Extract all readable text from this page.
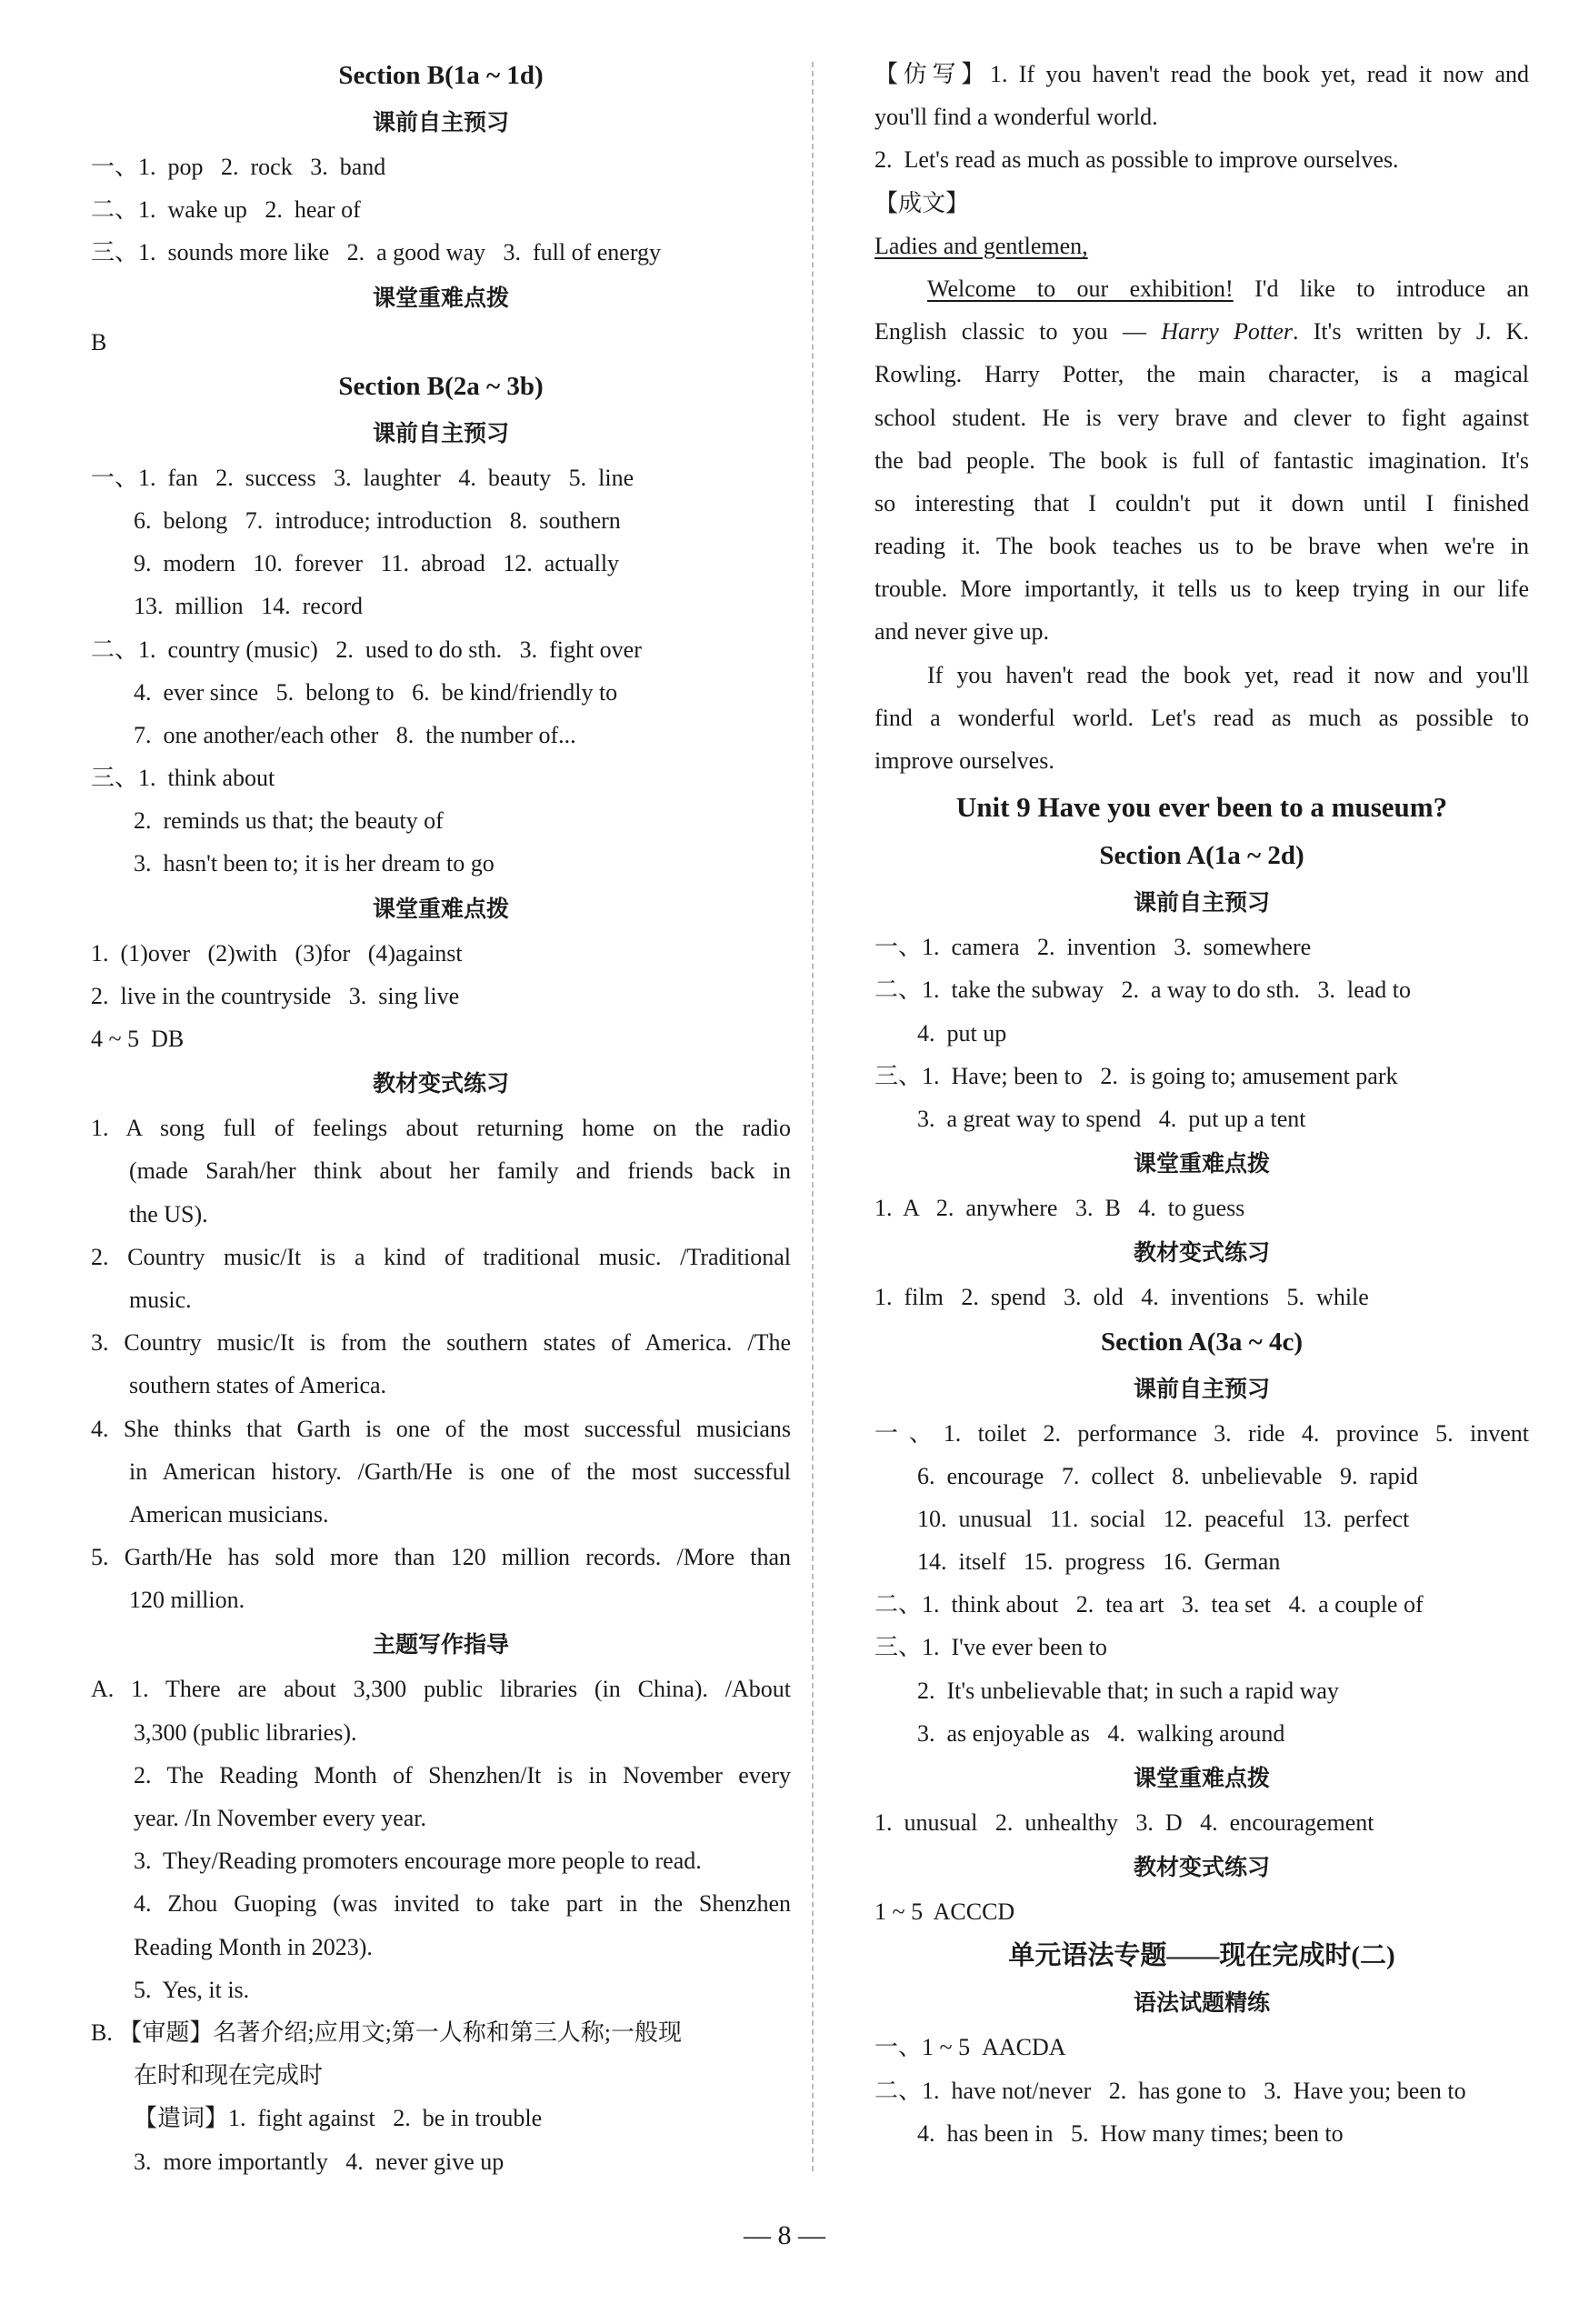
Section B(1a ~ 1d)
课前自主预习
一、1.  pop   2.  rock   3.  band
二、1.  wake up   2.  hear of
三、1.  sounds more like   2.  a good way   3.  full of energy
课堂重难点拨
B
Section B(2a ~ 3b)
课前自主预习
一、1.  fan   2.  success   3.  laughter   4.  beauty   5.  line
6.  belong   7.  introduce; introduction   8.  southern
9.  modern   10.  forever   11.  abroad   12.  actually
13.  million   14.  record
二、1.  country (music)   2.  used to do sth.   3.  fight over
4.  ever since   5.  belong to   6.  be kind/friendly to
7.  one another/each other   8.  the number of...
三、1.  think about
2.  reminds us that; the beauty of
3.  hasn't been to; it is her dream to go
课堂重难点拨
1.  (1)over   (2)with   (3)for   (4)against
2.  live in the countryside   3.  sing live
4 ~ 5  DB
教材变式练习
1. A song full of feelings about returning home on the radio
(made Sarah/her think about her family and friends back in
the US).
2. Country music/It is a kind of traditional music. /Traditional
music.
3. Country music/It is from the southern states of America. /The
southern states of America.
4. She thinks that Garth is one of the most successful musicians
in American history. /Garth/He is one of the most successful
American musicians.
5. Garth/He has sold more than 120 million records. /More than
120 million.
主题写作指导
A. 1. There are about 3,300 public libraries (in China). /About
3,300 (public libraries).
2. The Reading Month of Shenzhen/It is in November every
year. /In November every year.
3.  They/Reading promoters encourage more people to read.
4. Zhou Guoping (was invited to take part in the Shenzhen
Reading Month in 2023).
5.  Yes, it is.
B. 【审题】名著介绍;应用文;第一人称和第三人称;一般现
在时和现在完成时
【遣词】1.  fight against   2.  be in trouble
3.  more importantly   4.  never give up
【仿写】1. If you haven't read the book yet, read it now and
you'll find a wonderful world.
2.  Let's read as much as possible to improve ourselves.
【成文】
Ladies and gentlemen,
Welcome to our exhibition! I'd like to introduce an
English classic to you — Harry Potter. It's written by J. K.
Rowling. Harry Potter, the main character, is a magical
school student. He is very brave and clever to fight against
the bad people. The book is full of fantastic imagination. It's
so interesting that I couldn't put it down until I finished
reading it. The book teaches us to be brave when we're in
trouble. More importantly, it tells us to keep trying in our life
and never give up.
If you haven't read the book yet, read it now and you'll
find a wonderful world. Let's read as much as possible to
improve ourselves.
Unit 9 Have you ever been to a museum?
Section A(1a ~ 2d)
课前自主预习
一、1.  camera   2.  invention   3.  somewhere
二、1.  take the subway   2.  a way to do sth.   3.  lead to
4.  put up
三、1.  Have; been to   2.  is going to; amusement park
3.  a great way to spend   4.  put up a tent
课堂重难点拨
1.  A   2.  anywhere   3.  B   4.  to guess
教材变式练习
1.  film   2.  spend   3.  old   4.  inventions   5.  while
Section A(3a ~ 4c)
课前自主预习
一、1. toilet 2. performance 3. ride 4. province 5. invent
6.  encourage   7.  collect   8.  unbelievable   9.  rapid
10.  unusual   11.  social   12.  peaceful   13.  perfect
14.  itself   15.  progress   16.  German
二、1.  think about   2.  tea art   3.  tea set   4.  a couple of
三、1.  I've ever been to
2.  It's unbelievable that; in such a rapid way
3.  as enjoyable as   4.  walking around
课堂重难点拨
1.  unusual   2.  unhealthy   3.  D   4.  encouragement
教材变式练习
1 ~ 5  ACCCD
单元语法专题——现在完成时(二)
语法试题精练
一、1 ~ 5  AACDA
二、1.  have not/never   2.  has gone to   3.  Have you; been to
4.  has been in   5.  How many times; been to
— 8 —
